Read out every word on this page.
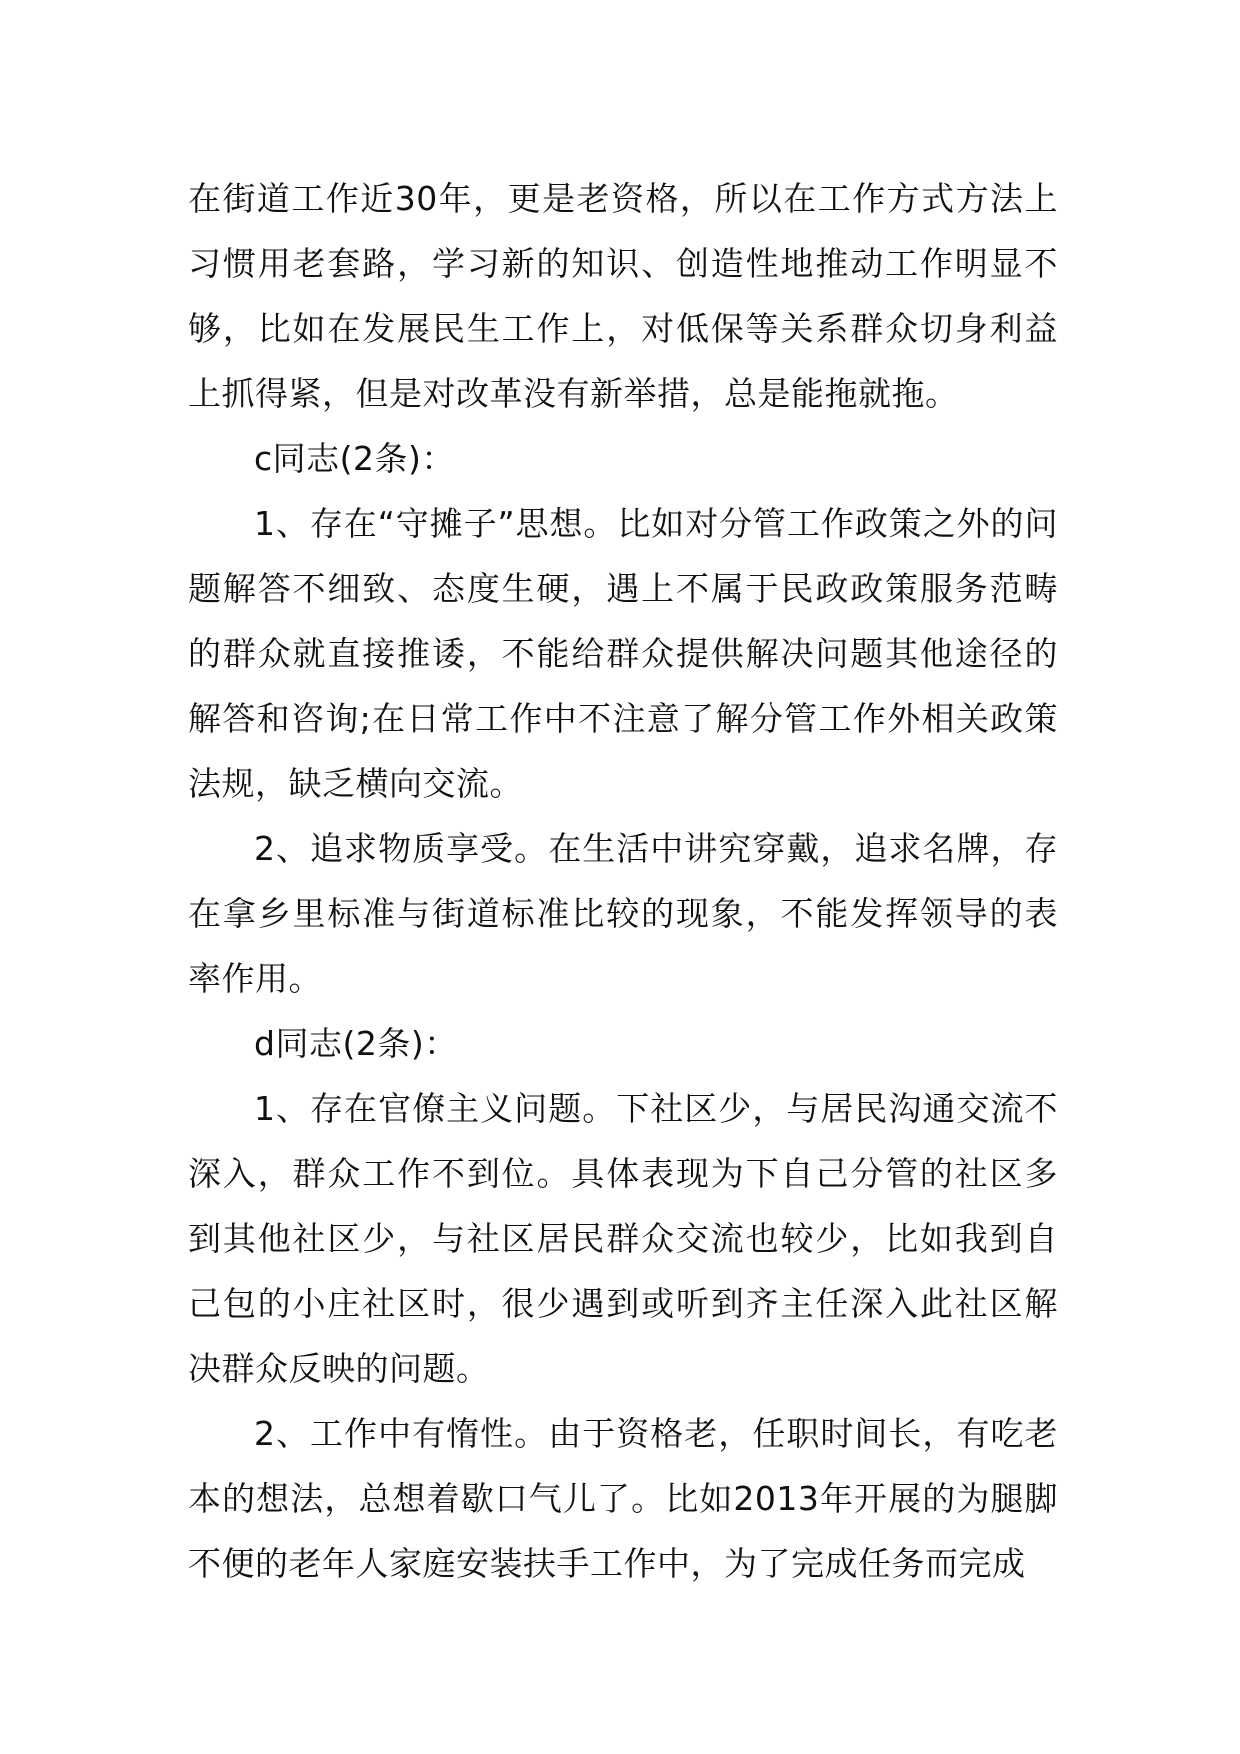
在街道工作近30年，更是老资格，所以在工作方式方法上习惯用老套路，学习新的知识、创造性地推动工作明显不够，比如在发展民生工作上，对低保等关系群众切身利益上抓得紧，但是对改革没有新举措，总是能拖就拖。

c同志(2条)：

1、存在“守摊子”思想。比如对分管工作政策之外的问题解答不细致、态度生硬，遇上不属于民政政策服务范畴的群众就直接推诿，不能给群众提供解决问题其他途径的解答和咨询;在日常工作中不注意了解分管工作外相关政策法规，缺乏横向交流。

2、追求物质享受。在生活中讲究穿戴，追求名牌，存在拿乡里标准与街道标准比较的现象，不能发挥领导的表率作用。

d同志(2条)：

1、存在官僚主义问题。下社区少，与居民沟通交流不深入，群众工作不到位。具体表现为下自己分管的社区多到其他社区少，与社区居民群众交流也较少，比如我到自己包的小庄社区时，很少遇到或听到齐主任深入此社区解决群众反映的问题。

2、工作中有惰性。由于资格老，任职时间长，有吃老本的想法，总想着歇口气儿了。比如2013年开展的为腿脚不便的老年人家庭安装扶手工作中，为了完成任务而完成
